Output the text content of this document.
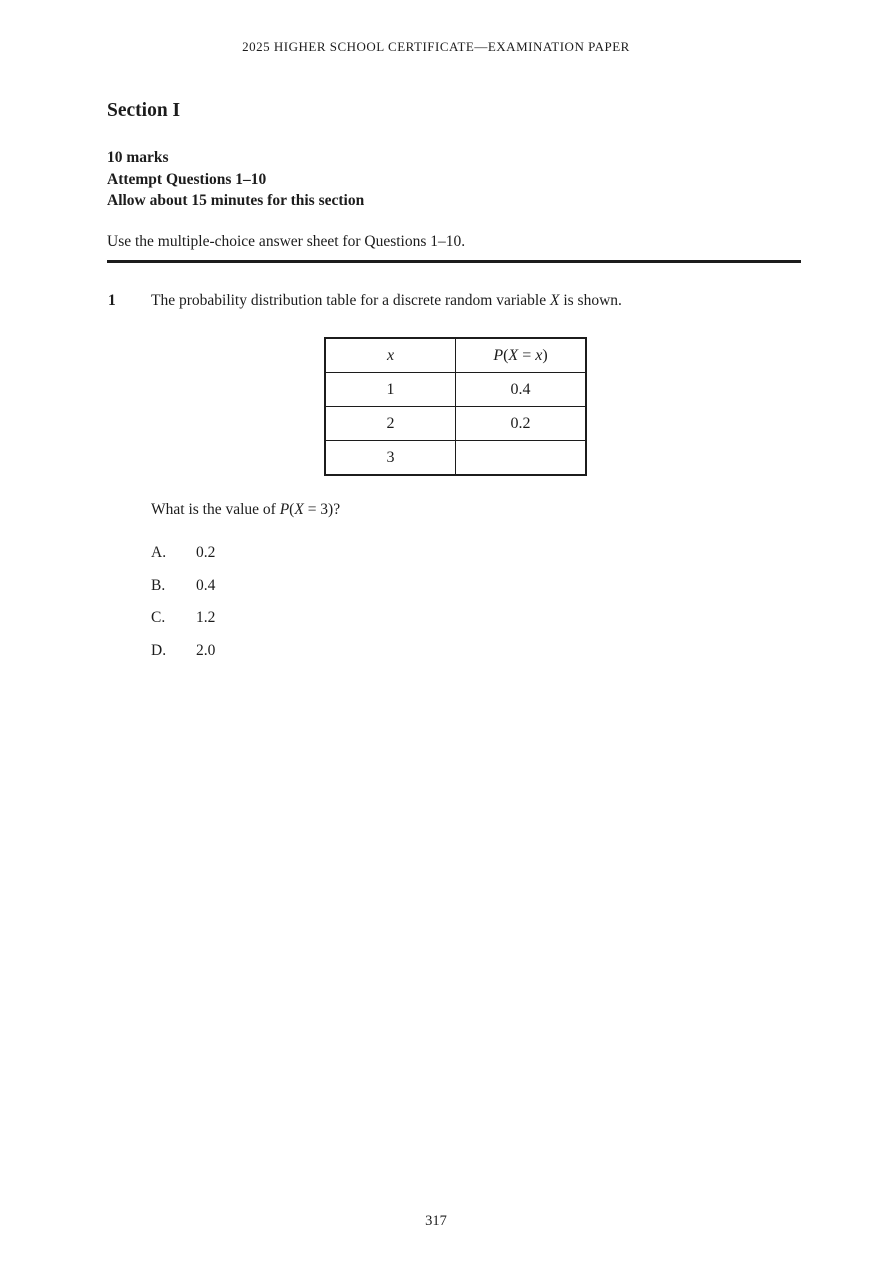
2025 HIGHER SCHOOL CERTIFICATE—EXAMINATION PAPER
Section I
10 marks
Attempt Questions 1–10
Allow about 15 minutes for this section
Use the multiple-choice answer sheet for Questions 1–10.
1 The probability distribution table for a discrete random variable X is shown.
x	P(X = x)
1	0.4
2	0.2
3	
What is the value of P(X = 3)?
A. 0.2
B. 0.4
C. 1.2
D. 2.0
317
